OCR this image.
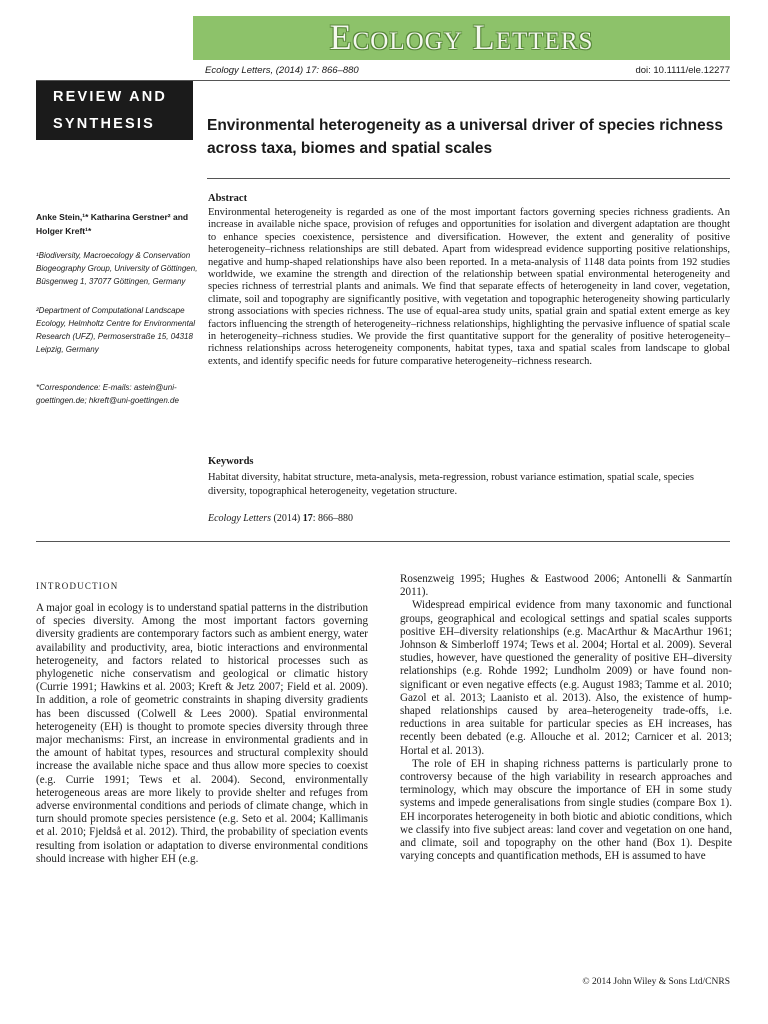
Ecology Letters
Ecology Letters, (2014) 17: 866–880	doi: 10.1111/ele.12277
REVIEW AND
SYNTHESIS	Environmental heterogeneity as a universal driver of species richness across taxa, biomes and spatial scales
Anke Stein,¹* Katharina Gerstner² and Holger Kreft¹*
¹Biodiversity, Macroecology & Conservation Biogeography Group, University of Göttingen, Büsgenweg 1, 37077 Göttingen, Germany
²Department of Computational Landscape Ecology, Helmholtz Centre for Environmental Research (UFZ), Permoserstraße 15, 04318 Leipzig, Germany
*Correspondence: E-mails: astein@uni-goettingen.de; hkreft@uni-goettingen.de
Abstract
Environmental heterogeneity is regarded as one of the most important factors governing species richness gradients. An increase in available niche space, provision of refuges and opportunities for isolation and divergent adaptation are thought to enhance species coexistence, persistence and diversification. However, the extent and generality of positive heterogeneity–richness relationships are still debated. Apart from widespread evidence supporting positive relationships, negative and hump-shaped relationships have also been reported. In a meta-analysis of 1148 data points from 192 studies worldwide, we examine the strength and direction of the relationship between spatial environmental heterogeneity and species richness of terrestrial plants and animals. We find that separate effects of heterogeneity in land cover, vegetation, climate, soil and topography are significantly positive, with vegetation and topographic heterogeneity showing particularly strong associations with species richness. The use of equal-area study units, spatial grain and spatial extent emerge as key factors influencing the strength of heterogeneity–richness relationships, highlighting the pervasive influence of spatial scale in heterogeneity–richness studies. We provide the first quantitative support for the generality of positive heterogeneity–richness relationships across heterogeneity components, habitat types, taxa and spatial scales from landscape to global extents, and identify specific needs for future comparative heterogeneity–richness research.
Keywords
Habitat diversity, habitat structure, meta-analysis, meta-regression, robust variance estimation, spatial scale, species diversity, topographical heterogeneity, vegetation structure.
Ecology Letters (2014) 17: 866–880
INTRODUCTION

A major goal in ecology is to understand spatial patterns in the distribution of species diversity. Among the most important factors governing diversity gradients are contemporary factors such as ambient energy, water availability and productivity, area, biotic interactions and environmental heterogeneity, and factors related to historical processes such as phylogenetic niche conservatism and geological or climatic history (Currie 1991; Hawkins et al. 2003; Kreft & Jetz 2007; Field et al. 2009). In addition, a role of geometric constraints in shaping diversity gradients has been discussed (Colwell & Lees 2000). Spatial environmental heterogeneity (EH) is thought to promote species diversity through three major mechanisms: First, an increase in environmental gradients and in the amount of habitat types, resources and structural complexity should increase the available niche space and thus allow more species to coexist (e.g. Currie 1991; Tews et al. 2004). Second, environmentally heterogeneous areas are more likely to provide shelter and refuges from adverse environmental conditions and periods of climate change, which in turn should promote species persistence (e.g. Seto et al. 2004; Kallimanis et al. 2010; Fjeldså et al. 2012). Third, the probability of speciation events resulting from isolation or adaptation to diverse environmental conditions should increase with higher EH (e.g.

Rosenzweig 1995; Hughes & Eastwood 2006; Antonelli & Sanmartín 2011).

Widespread empirical evidence from many taxonomic and functional groups, geographical and ecological settings and spatial scales supports positive EH–diversity relationships (e.g. MacArthur & MacArthur 1961; Johnson & Simberloff 1974; Tews et al. 2004; Hortal et al. 2009). Several studies, however, have questioned the generality of positive EH–diversity relationships (e.g. Rohde 1992; Lundholm 2009) or have found non-significant or even negative effects (e.g. August 1983; Tamme et al. 2010; Gazol et al. 2013; Laanisto et al. 2013). Also, the existence of hump-shaped relationships caused by area–heterogeneity trade-offs, i.e. reductions in area suitable for particular species as EH increases, has recently been debated (e.g. Allouche et al. 2012; Carnicer et al. 2013; Hortal et al. 2013).

The role of EH in shaping richness patterns is particularly prone to controversy because of the high variability in research approaches and terminology, which may obscure the importance of EH in some study systems and impede generalisations from single studies (compare Box 1). EH incorporates heterogeneity in both biotic and abiotic conditions, which we classify into five subject areas: land cover and vegetation on one hand, and climate, soil and topography on the other hand (Box 1). Despite varying concepts and quantification methods, EH is assumed to have

© 2014 John Wiley & Sons Ltd/CNRS
